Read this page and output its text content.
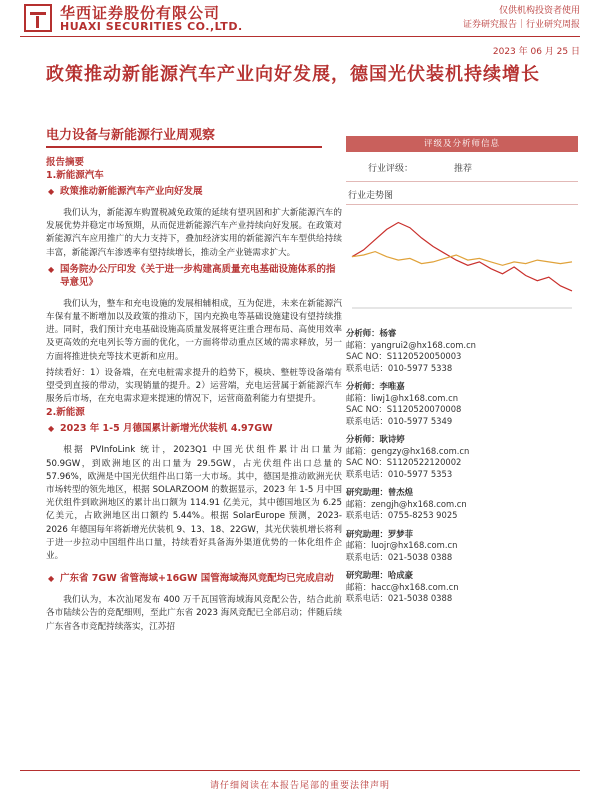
华西证券股份有限公司
HUAXI SECURITIES CO.,LTD.
仅供机构投资者使用
证券研究报告｜行业研究周报
2023 年 06 月 25 日
政策推动新能源汽车产业向好发展，德国光伏装机持续增长
电力设备与新能源行业周观察
报告摘要
1.新能源汽车
◆ 政策推动新能源汽车产业向好发展
我们认为，新能源车购置税减免政策的延续有望巩固和扩大新能源汽车的发展优势并稳定市场预期，从而促进新能源汽车产业持续向好发展。在政策对新能源汽车应用推广的大力支持下，叠加经济实用的新能源汽车车型供给持续丰富，新能源汽车渗透率有望持续增长，推动全产业链需求扩大。
◆ 国务院办公厅印发《关于进一步构建高质量充电基础设施体系的指导意见》
我们认为，整车和充电设施的发展相辅相成，互为促进，未来在新能源汽车保有量不断增加以及政策的推动下，国内充换电等基础设施建设有望持续推进。同时，我们预计充电基础设施高质量发展将更注重合理布局、高使用效率及更高效的充电列长等方面的优化，一方面将带动重点区域的需求释放，另一方面将推进快充等技术更新和应用。
持续看好：1）设备端，在充电桩需求提升的趋势下，模块、整桩等设备端有望受到直接的带动，实现销量的提升。2）运营端，充电运营属于新能源汽车服务后市场，在充电需求迎来提速的情况下，运营商盈利能力有望提升。
2.新能源
◆ 2023 年 1-5 月德国累计新增光伏装机 4.97GW
根据 PVInfoLink 统计，2023Q1 中国光伏组件累计出口量为 50.9GW，到欧洲地区的出口量为 29.5GW，占光伏组件出口总量的 57.96%，欧洲是中国光伏组件出口第一大市场。其中，德国是推动欧洲光伏市场转型的领先地区，根据 SOLARZOOM 的数据显示，2023 年 1-5 月中国光伏组件到欧洲地区的累计出口额为 114.91 亿美元，其中德国地区为 6.25 亿美元，占欧洲地区出口额约 5.44%。根据 SolarEurope 预测，2023-2026 年德国每年将新增光伏装机 9、13、18、22GW，其光伏装机增长将利于进一步拉动中国组件出口量，持续看好具备海外渠道优势的一体化组件企业。
◆ 广东省 7GW 省管海域+16GW 国管海域海风竞配均已完成启动
我们认为，本次汕尾发布 400 万千瓦国管海域海风竞配公告，结合此前各市陆续公告的竞配细则，至此广东省 2023 海风竞配已全部启动；伴随后续广东省各市竞配持续落实，江苏招
评级及分析师信息
行业评级：	推荐
行业走势图
分析师：杨睿
邮箱：yangrui2@hx168.com.cn
SAC NO：S1120520050003
联系电话：010-5977 5338
分析师：李唯嘉
邮箱：liwj1@hx168.com.cn
SAC NO：S1120520070008
联系电话：010-5977 5349
分析师：耿诗婷
邮箱：gengzy@hx168.com.cn
SAC NO：S1120522120002
联系电话：010-5977 5353
研究助理：曾杰煌
邮箱：zengjh@hx168.com.cn
联系电话：0755-8253 9025
研究助理：罗梦菲
邮箱：luojr@hx168.com.cn
联系电话：021-5038 0388
研究助理：哈成豪
邮箱：hacc@hx168.com.cn
联系电话：021-5038 0388
请仔细阅读在本报告尾部的重要法律声明
